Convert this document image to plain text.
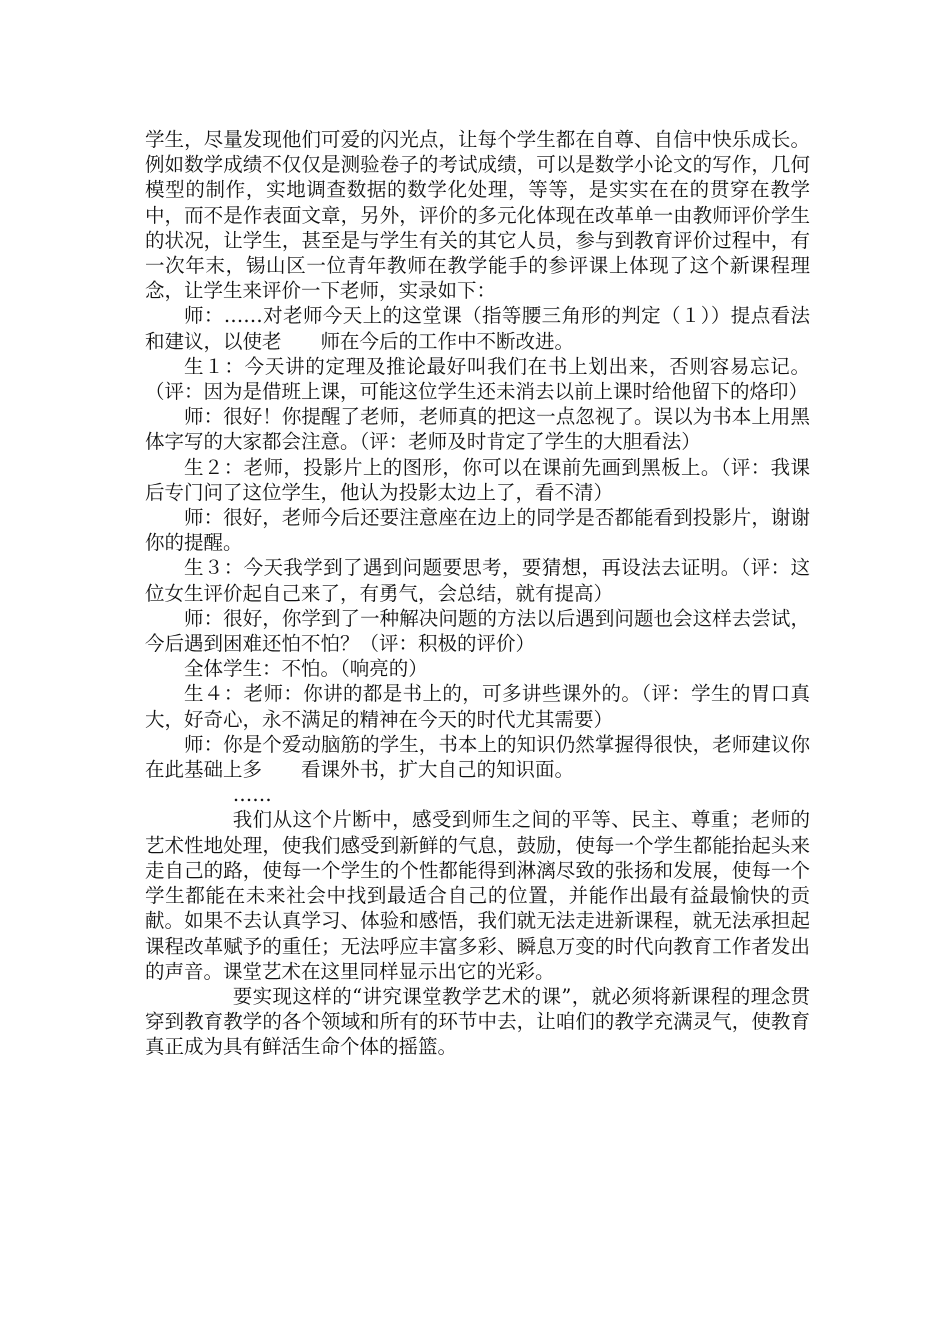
学生，尽量发现他们可爱的闪光点，让每个学生都在自尊、自信中快乐成长。例如数学成绩不仅仅是测验卷子的考试成绩，可以是数学小论文的写作，几何模型的制作，实地调查数据的数学化处理，等等，是实实在在的贯穿在教学中，而不是作表面文章，另外，评价的多元化体现在改革单一由教师评价学生的状况，让学生，甚至是与学生有关的其它人员，参与到教育评价过程中，有一次年末，锡山区一位青年教师在教学能手的参评课上体现了这个新课程理念，让学生来评价一下老师，实录如下：

师：……对老师今天上的这堂课（指等腰三角形的判定（１））提点看法和建议，以使老　　师在今后的工作中不断改进。

生１：今天讲的定理及推论最好叫我们在书上划出来，否则容易忘记。（评：因为是借班上课，可能这位学生还未消去以前上课时给他留下的烙印）

师：很好！你提醒了老师，老师真的把这一点忽视了。误以为书本上用黑体字写的大家都会注意。（评：老师及时肯定了学生的大胆看法）

生２：老师，投影片上的图形，你可以在课前先画到黑板上。（评：我课后专门问了这位学生，他认为投影太边上了，看不清）

师：很好，老师今后还要注意座在边上的同学是否都能看到投影片，谢谢你的提醒。

生３：今天我学到了遇到问题要思考，要猜想，再设法去证明。（评：这位女生评价起自己来了，有勇气，会总结，就有提高）

师：很好，你学到了一种解决问题的方法以后遇到问题也会这样去尝试，今后遇到困难还怕不怕？（评：积极的评价）

全体学生：不怕。（响亮的）

生４：老师：你讲的都是书上的，可多讲些课外的。（评：学生的胃口真大，好奇心，永不满足的精神在今天的时代尤其需要）

师：你是个爱动脑筋的学生，书本上的知识仍然掌握得很快，老师建议你在此基础上多　　看课外书，扩大自己的知识面。

……

我们从这个片断中，感受到师生之间的平等、民主、尊重；老师的艺术性地处理，使我们感受到新鲜的气息，鼓励，使每一个学生都能抬起头来走自己的路，使每一个学生的个性都能得到淋漓尽致的张扬和发展，使每一个学生都能在未来社会中找到最适合自己的位置，并能作出最有益最愉快的贡献。如果不去认真学习、体验和感悟，我们就无法走进新课程，就无法承担起课程改革赋予的重任；无法呼应丰富多彩、瞬息万变的时代向教育工作者发出的声音。课堂艺术在这里同样显示出它的光彩。

要实现这样的“讲究课堂教学艺术的课”，就必须将新课程的理念贯穿到教育教学的各个领域和所有的环节中去，让咱们的教学充满灵气，使教育真正成为具有鲜活生命个体的摇篮。
